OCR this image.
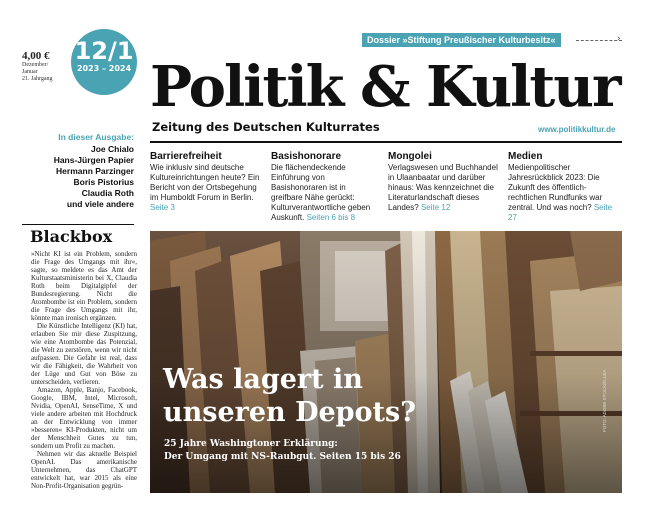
4,00 €
Dezember/ Januar
21. Jahrgang
12/1
2023 – 2024
Dossier »Stiftung Preußischer Kulturbesitz«	›
Politik & Kultur
Zeitung des Deutschen Kulturrates	www.politikkultur.de
In dieser Ausgabe:
Joe Chialo
Hans-Jürgen Papier
Hermann Parzinger
Boris Pistorius
Claudia Roth
und viele andere
Blackbox

»Nicht KI ist ein Problem, sondern die Frage des Umgangs mit ihr«, sagte, so meldete es das Amt der Kulturstaatsministerin bei X, Claudia Roth beim Digitalgipfel der Bundesregierung. Nicht die Atombombe ist ein Problem, sondern die Frage des Umgangs mit ihr, könnte man ironisch ergänzen.

Die Künstliche Intelligenz (KI) hat, erlauben Sie mir diese Zuspitzung, wie eine Atombombe das Potenzial, die Welt zu zerstören, wenn wir nicht aufpassen. Die Gefahr ist real, dass wir die Fähigkeit, die Wahrheit von der Lüge und Gut von Böse zu unterscheiden, verlieren.

Amazon, Apple, Banjo, Facebook, Google, IBM, Intel, Microsoft, Nvidia, OpenAI, SenseTime, X und viele andere arbeiten mit Hochdruck an der Entwicklung von immer »besseren« KI-Produkten, nicht um der Menschheit Gutes zu tun, sondern um Profit zu machen.

Nehmen wir das aktuelle Beispiel OpenAI. Das amerikanische Unternehmen, das ChatGPT entwickelt hat, war 2015 als eine Non-Profit-Organisation gegrün-

Barrierefreiheit
Wie inklusiv sind deutsche Kultureinrichtungen heute? Ein Bericht von der Ortsbegehung im Humboldt Forum in Berlin. Seite 3
Basishonorare
Die flächendeckende Einführung von Basishonoraren ist in greifbare Nähe gerückt: Kulturverantwortliche geben Auskunft. Seiten 6 bis 8
Mongolei
Verlagswesen und Buchhandel in Ulaanbaatar und darüber hinaus: Was kennzeichnet die Literaturlandschaft dieses Landes? Seite 12
Medien
Medienpolitischer Jahresrückblick 2023: Die Zukunft des öffentlich-rechtlichen Rundfunks war zentral. Und was noch? Seite 27
Was lagert in
unseren Depots?
25 Jahre Washingtoner Erklärung:
Der Umgang mit NS-Raubgut. Seiten 15 bis 26
FOTO: ADOBE STOCK/ELLEA
